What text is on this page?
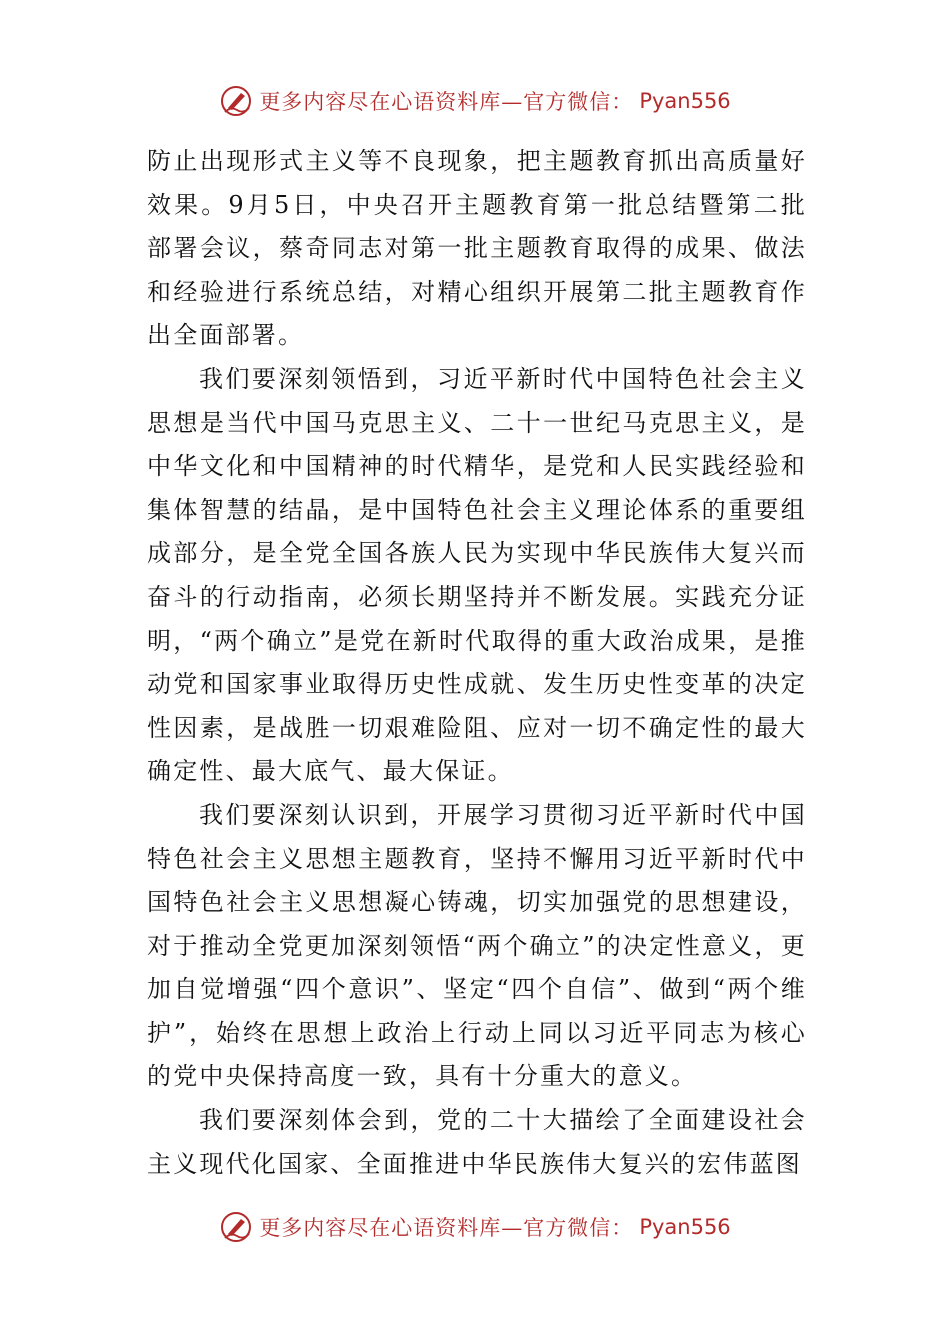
更多内容尽在心语资料库—官方微信： Pyan556

防止出现形式主义等不良现象，把主题教育抓出高质量好效果。9月5日，中央召开主题教育第一批总结暨第二批部署会议，蔡奇同志对第一批主题教育取得的成果、做法和经验进行系统总结，对精心组织开展第二批主题教育作出全面部署。

我们要深刻领悟到，习近平新时代中国特色社会主义思想是当代中国马克思主义、二十一世纪马克思主义，是中华文化和中国精神的时代精华，是党和人民实践经验和集体智慧的结晶，是中国特色社会主义理论体系的重要组成部分，是全党全国各族人民为实现中华民族伟大复兴而奋斗的行动指南，必须长期坚持并不断发展。实践充分证明，“两个确立”是党在新时代取得的重大政治成果，是推动党和国家事业取得历史性成就、发生历史性变革的决定性因素，是战胜一切艰难险阻、应对一切不确定性的最大确定性、最大底气、最大保证。

我们要深刻认识到，开展学习贯彻习近平新时代中国特色社会主义思想主题教育，坚持不懈用习近平新时代中国特色社会主义思想凝心铸魂，切实加强党的思想建设，对于推动全党更加深刻领悟“两个确立”的决定性意义，更加自觉增强“四个意识”、坚定“四个自信”、做到“两个维护”，始终在思想上政治上行动上同以习近平同志为核心的党中央保持高度一致，具有十分重大的意义。

我们要深刻体会到，党的二十大描绘了全面建设社会主义现代化国家、全面推进中华民族伟大复兴的宏伟蓝图

更多内容尽在心语资料库—官方微信： Pyan556
